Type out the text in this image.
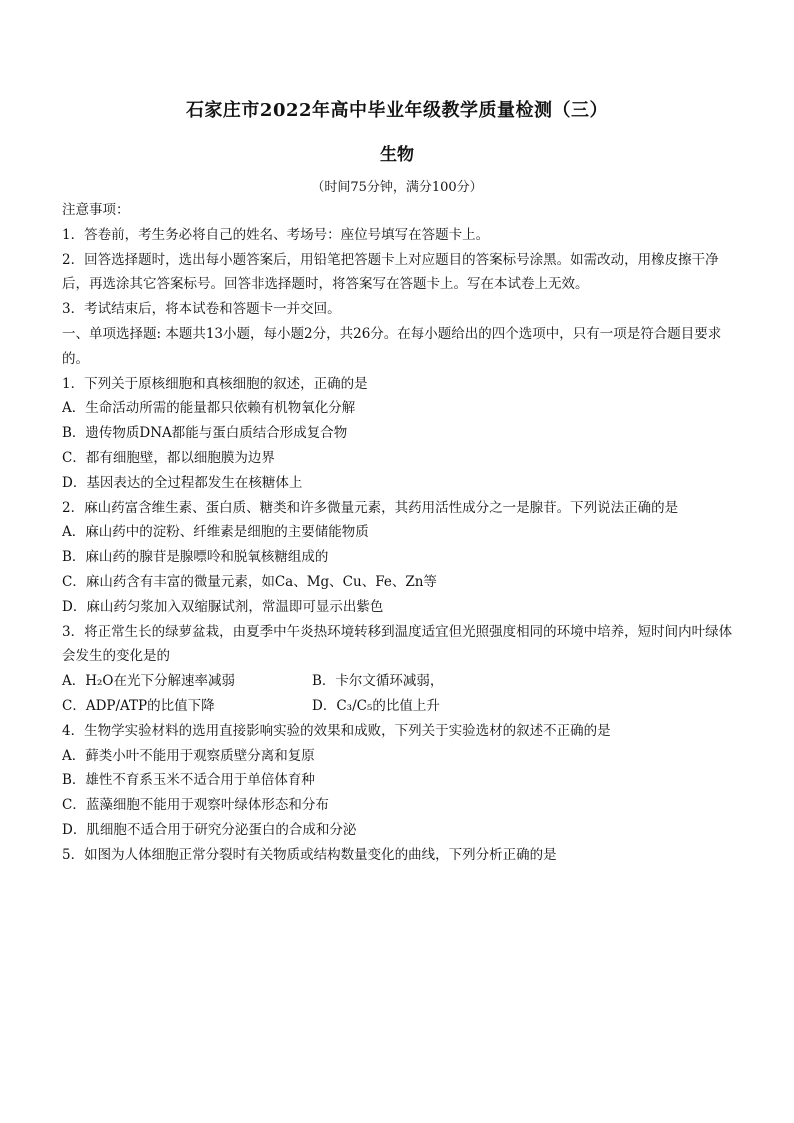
石家庄市2022年高中毕业年级教学质量检测（三）
生物
（时间75分钟，满分100分）
注意事项：
1．答卷前，考生务必将自己的姓名、考场号：座位号填写在答题卡上。
2．回答选择题时，选出每小题答案后，用铅笔把答题卡上对应题目的答案标号涂黑。如需改动，用橡皮擦干净后，再选涂其它答案标号。回答非选择题时，将答案写在答题卡上。写在本试卷上无效。
3．考试结束后，将本试卷和答题卡一并交回。
一、单项选择题: 本题共13小题，每小题2分，共26分。在每小题给出的四个选项中，只有一项是符合题目要求的。
1．下列关于原核细胞和真核细胞的叙述，正确的是
A．生命活动所需的能量都只依赖有机物氧化分解
B．遗传物质DNA都能与蛋白质结合形成复合物
C．都有细胞壁，都以细胞膜为边界
D．基因表达的全过程都发生在核糖体上
2．麻山药富含维生素、蛋白质、糖类和许多微量元素，其药用活性成分之一是腺苷。下列说法正确的是
A．麻山药中的淀粉、纤维素是细胞的主要储能物质
B．麻山药的腺苷是腺嘌呤和脱氧核糖组成的
C．麻山药含有丰富的微量元素，如Ca、Mg、Cu、Fe、Zn等
D．麻山药匀浆加入双缩脲试剂，常温即可显示出紫色
3．将正常生长的绿萝盆栽，由夏季中午炎热环境转移到温度适宜但光照强度相同的环境中培养，短时间内叶绿体会发生的变化是的
A．H₂O在光下分解速率减弱	B．卡尔文循环减弱，
C．ADP/ATP的比值下降	D．C₃/C₅的比值上升
4．生物学实验材料的选用直接影响实验的效果和成败，下列关于实验选材的叙述不正确的是
A．藓类小叶不能用于观察质壁分离和复原
B．雄性不育系玉米不适合用于单倍体育种
C．蓝藻细胞不能用于观察叶绿体形态和分布
D．肌细胞不适合用于研究分泌蛋白的合成和分泌
5．如图为人体细胞正常分裂时有关物质或结构数量变化的曲线，下列分析正确的是
